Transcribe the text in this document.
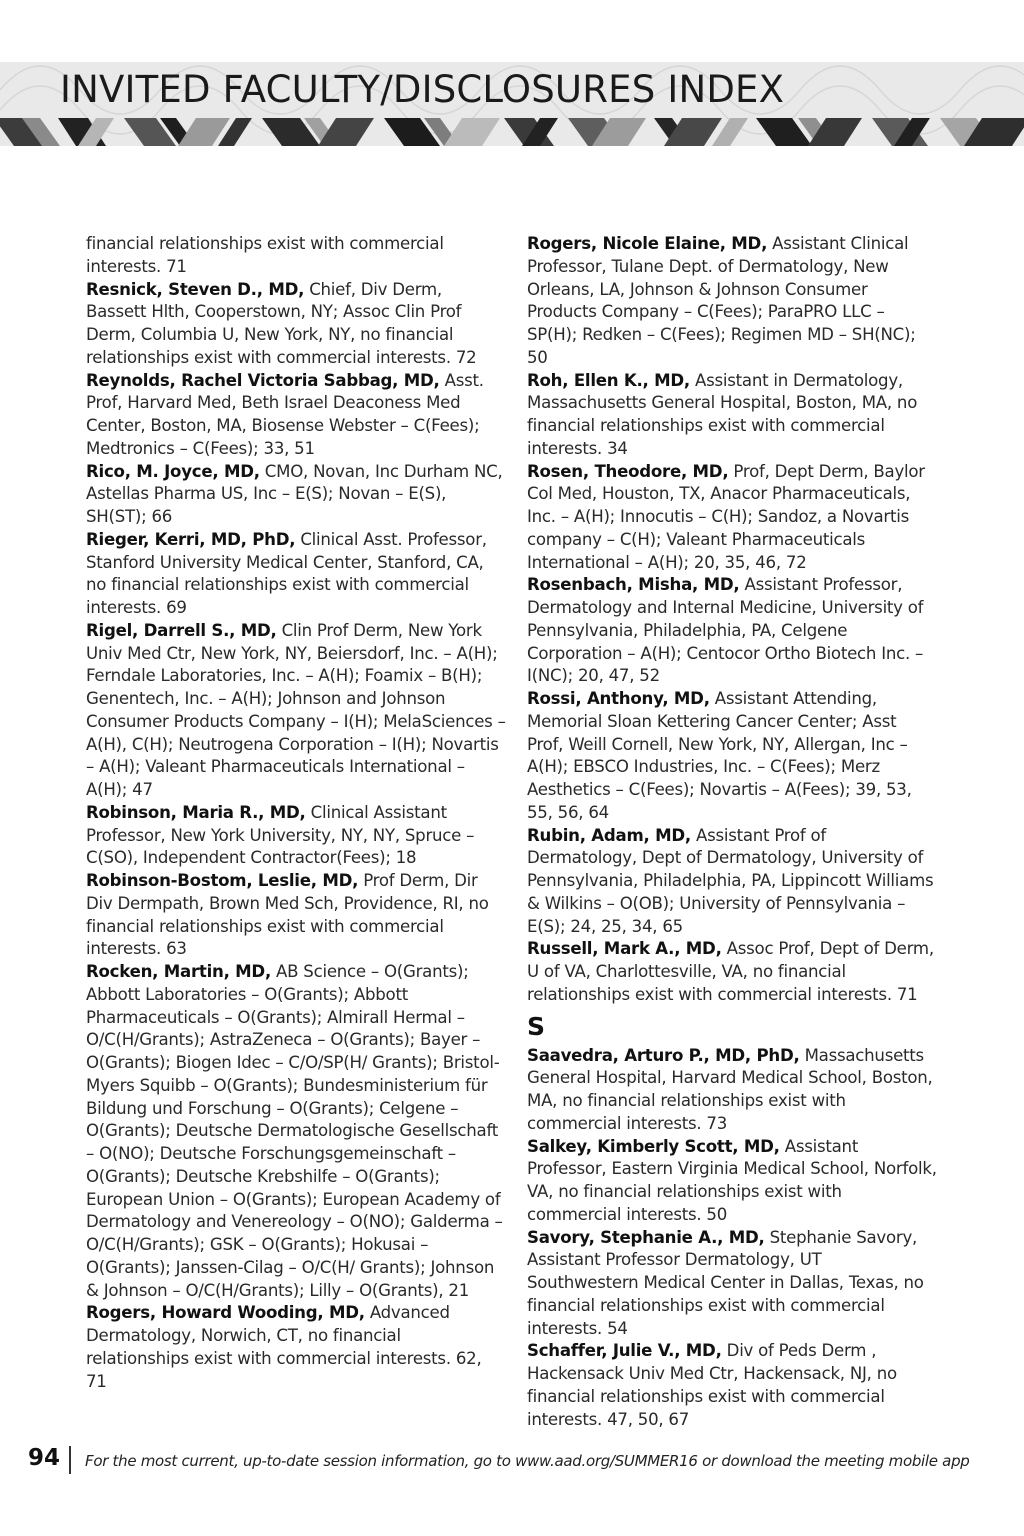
INVITED FACULTY/DISCLOSURES INDEX
financial relationships exist with commercial interests. 71
Resnick, Steven D., MD, Chief, Div Derm, Bassett Hlth, Cooperstown, NY; Assoc Clin Prof Derm, Columbia U, New York, NY, no financial relationships exist with commercial interests. 72
Reynolds, Rachel Victoria Sabbag, MD, Asst. Prof, Harvard Med, Beth Israel Deaconess Med Center, Boston, MA, Biosense Webster – C(Fees); Medtronics – C(Fees); 33, 51
Rico, M. Joyce, MD, CMO, Novan, Inc Durham NC, Astellas Pharma US, Inc – E(S); Novan – E(S), SH(ST); 66
Rieger, Kerri, MD, PhD, Clinical Asst. Professor, Stanford University Medical Center, Stanford, CA, no financial relationships exist with commercial interests. 69
Rigel, Darrell S., MD, Clin Prof Derm, New York Univ Med Ctr, New York, NY, Beiersdorf, Inc. – A(H); Ferndale Laboratories, Inc. – A(H); Foamix – B(H); Genentech, Inc. – A(H); Johnson and Johnson Consumer Products Company – I(H); MelaSciences – A(H), C(H); Neutrogena Corporation – I(H); Novartis – A(H); Valeant Pharmaceuticals International – A(H); 47
Robinson, Maria R., MD, Clinical Assistant Professor, New York University, NY, NY, Spruce – C(SO), Independent Contractor(Fees); 18
Robinson-Bostom, Leslie, MD, Prof Derm, Dir Div Dermpath, Brown Med Sch, Providence, RI, no financial relationships exist with commercial interests. 63
Rocken, Martin, MD, AB Science – O(Grants); Abbott Laboratories – O(Grants); Abbott Pharmaceuticals – O(Grants); Almirall Hermal – O/C(H/Grants); AstraZeneca – O(Grants); Bayer – O(Grants); Biogen Idec – C/O/SP(H/ Grants); Bristol-Myers Squibb – O(Grants); Bundesministerium für Bildung und Forschung – O(Grants); Celgene – O(Grants); Deutsche Dermatologische Gesellschaft – O(NO); Deutsche Forschungsgemeinschaft – O(Grants); Deutsche Krebshilfe – O(Grants); European Union – O(Grants); European Academy of Dermatology and Venereology – O(NO); Galderma – O/C(H/Grants); GSK – O(Grants); Hokusai – O(Grants); Janssen-Cilag – O/C(H/ Grants); Johnson & Johnson – O/C(H/Grants); Lilly – O(Grants), 21
Rogers, Howard Wooding, MD, Advanced Dermatology, Norwich, CT, no financial relationships exist with commercial interests. 62, 71
Rogers, Nicole Elaine, MD, Assistant Clinical Professor, Tulane Dept. of Dermatology, New Orleans, LA, Johnson & Johnson Consumer Products Company – C(Fees); ParaPRO LLC – SP(H); Redken – C(Fees); Regimen MD – SH(NC); 50
Roh, Ellen K., MD, Assistant in Dermatology, Massachusetts General Hospital, Boston, MA, no financial relationships exist with commercial interests. 34
Rosen, Theodore, MD, Prof, Dept Derm, Baylor Col Med, Houston, TX, Anacor Pharmaceuticals, Inc. – A(H); Innocutis – C(H); Sandoz, a Novartis company – C(H); Valeant Pharmaceuticals International – A(H); 20, 35, 46, 72
Rosenbach, Misha, MD, Assistant Professor, Dermatology and Internal Medicine, University of Pennsylvania, Philadelphia, PA, Celgene Corporation – A(H); Centocor Ortho Biotech Inc. – I(NC); 20, 47, 52
Rossi, Anthony, MD, Assistant Attending, Memorial Sloan Kettering Cancer Center; Asst Prof, Weill Cornell, New York, NY, Allergan, Inc – A(H); EBSCO Industries, Inc. – C(Fees); Merz Aesthetics – C(Fees); Novartis – A(Fees); 39, 53, 55, 56, 64
Rubin, Adam, MD, Assistant Prof of Dermatology, Dept of Dermatology, University of Pennsylvania, Philadelphia, PA, Lippincott Williams & Wilkins – O(OB); University of Pennsylvania – E(S); 24, 25, 34, 65
Russell, Mark A., MD, Assoc Prof, Dept of Derm, U of VA, Charlottesville, VA, no financial relationships exist with commercial interests. 71
S
Saavedra, Arturo P., MD, PhD, Massachusetts General Hospital, Harvard Medical School, Boston, MA, no financial relationships exist with commercial interests. 73
Salkey, Kimberly Scott, MD, Assistant Professor, Eastern Virginia Medical School, Norfolk, VA, no financial relationships exist with commercial interests. 50
Savory, Stephanie A., MD, Stephanie Savory, Assistant Professor Dermatology, UT Southwestern Medical Center in Dallas, Texas, no financial relationships exist with commercial interests. 54
Schaffer, Julie V., MD, Div of Peds Derm , Hackensack Univ Med Ctr, Hackensack, NJ, no financial relationships exist with commercial interests. 47, 50, 67
94 For the most current, up-to-date session information, go to www.aad.org/SUMMER16 or download the meeting mobile app
